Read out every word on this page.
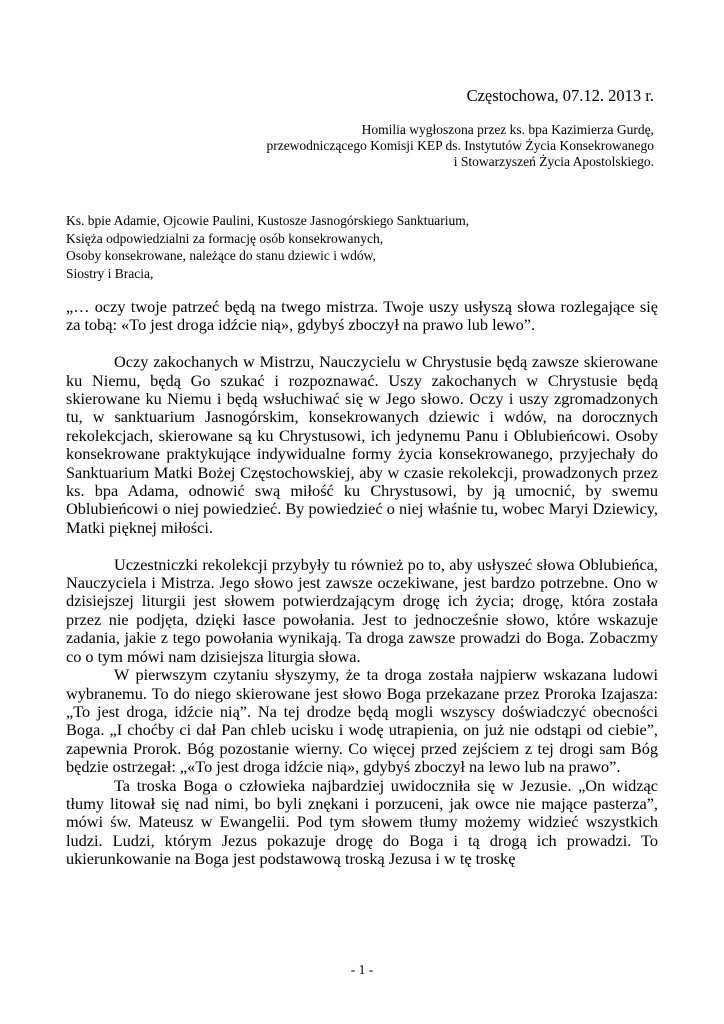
Częstochowa, 07.12. 2013 r.
Homilia wygłoszona przez ks. bpa Kazimierza Gurdę,
przewodniczącego Komisji KEP ds. Instytutów Życia Konsekrowanego
i Stowarzyszeń Życia Apostolskiego.
Ks. bpie Adamie, Ojcowie Paulini, Kustosze Jasnogórskiego Sanktuarium,
Księża odpowiedzialni za formację osób konsekrowanych,
Osoby konsekrowane, należące do stanu dziewic i wdów,
Siostry i Bracia,

„… oczy twoje patrzeć będą na twego mistrza. Twoje uszy usłyszą słowa rozlegające się za tobą: «To jest droga idźcie nią», gdybyś zboczył na prawo lub lewo”.

Oczy zakochanych w Mistrzu, Nauczycielu w Chrystusie będą zawsze skierowane ku Niemu, będą Go szukać i rozpoznawać. Uszy zakochanych w Chrystusie będą skierowane ku Niemu i będą wsłuchiwać się w Jego słowo. Oczy i uszy zgromadzonych tu, w sanktuarium Jasnogórskim, konsekrowanych dziewic i wdów, na dorocznych rekolekcjach, skierowane są ku Chrystusowi, ich jedynemu Panu i Oblubieńcowi. Osoby konsekrowane praktykujące indywidualne formy życia konsekrowanego, przyjechały do Sanktuarium Matki Bożej Częstochowskiej, aby w czasie rekolekcji, prowadzonych przez ks. bpa Adama, odnowić swą miłość ku Chrystusowi, by ją umocnić, by swemu Oblubieńcowi o niej powiedzieć. By powiedzieć o niej właśnie tu, wobec Maryi Dziewicy, Matki pięknej miłości.

Uczestniczki rekolekcji przybyły tu również po to, aby usłyszeć słowa Oblubieńca, Nauczyciela i Mistrza. Jego słowo jest zawsze oczekiwane, jest bardzo potrzebne. Ono w dzisiejszej liturgii jest słowem potwierdzającym drogę ich życia; drogę, która została przez nie podjęta, dzięki łasce powołania. Jest to jednocześnie słowo, które wskazuje zadania, jakie z tego powołania wynikają. Ta droga zawsze prowadzi do Boga. Zobaczmy co o tym mówi nam dzisiejsza liturgia słowa.

W pierwszym czytaniu słyszymy, że ta droga została najpierw wskazana ludowi wybranemu. To do niego skierowane jest słowo Boga przekazane przez Proroka Izajasza: „To jest droga, idźcie nią”. Na tej drodze będą mogli wszyscy doświadczyć obecności Boga. „I choćby ci dał Pan chleb ucisku i wodę utrapienia, on już nie odstąpi od ciebie”, zapewnia Prorok. Bóg pozostanie wierny. Co więcej przed zejściem z tej drogi sam Bóg będzie ostrzegał: „«To jest droga idźcie nią», gdybyś zboczył na lewo lub na prawo”.

Ta troska Boga o człowieka najbardziej uwidoczniła się w Jezusie. „On widząc tłumy litował się nad nimi, bo byli znękani i porzuceni, jak owce nie mające pasterza”, mówi św. Mateusz w Ewangelii. Pod tym słowem tłumy możemy widzieć wszystkich ludzi. Ludzi, którym Jezus pokazuje drogę do Boga i tą drogą ich prowadzi. To ukierunkowanie na Boga jest podstawową troską Jezusa i w tę troskę

- 1 -
